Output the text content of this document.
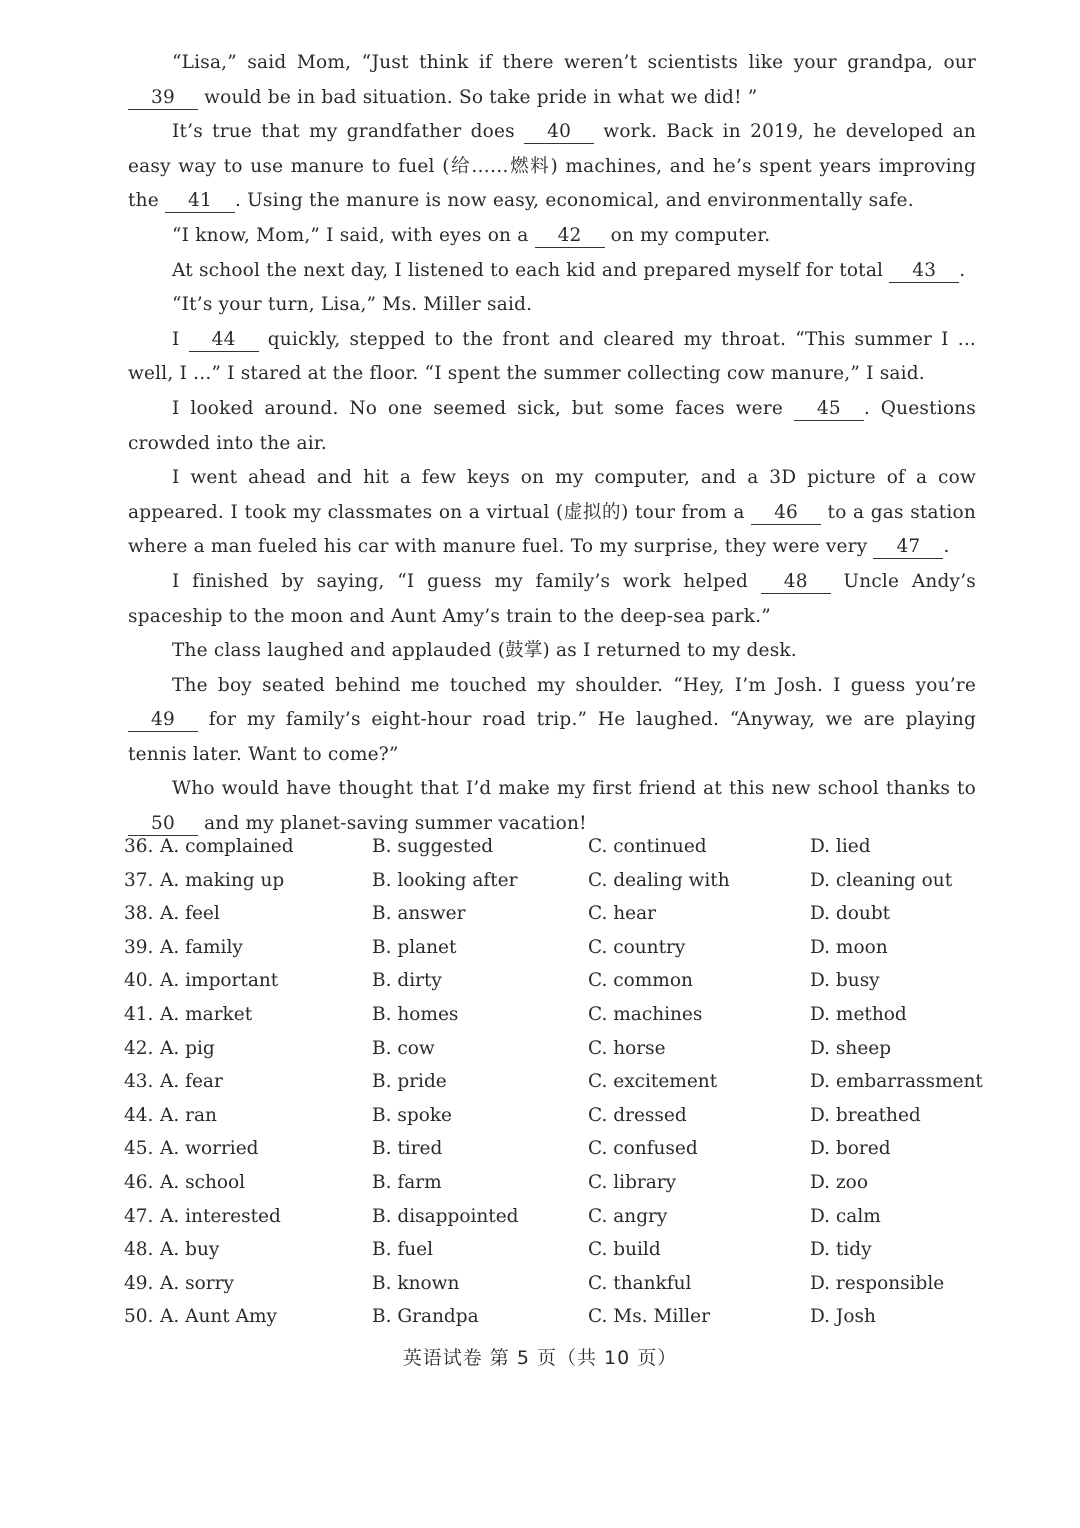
“Lisa,” said Mom, “Just think if there weren’t scientists like your grandpa, our 39 would be in bad situation. So take pride in what we did! ”

It’s true that my grandfather does 40 work. Back in 2019, he developed an easy way to use manure to fuel (给……燃料) machines, and he’s spent years improving the 41 . Using the manure is now easy, economical, and environmentally safe.

“I know, Mom,” I said, with eyes on a 42 on my computer.

At school the next day, I listened to each kid and prepared myself for total 43 .

“It’s your turn, Lisa,” Ms. Miller said.

I 44 quickly, stepped to the front and cleared my throat. “This summer I ... well, I ...” I stared at the floor. “I spent the summer collecting cow manure,” I said.

I looked around. No one seemed sick, but some faces were 45 . Questions crowded into the air.

I went ahead and hit a few keys on my computer, and a 3D picture of a cow appeared. I took my classmates on a virtual (虚拟的) tour from a 46 to a gas station where a man fueled his car with manure fuel. To my surprise, they were very 47 .

I finished by saying, “I guess my family’s work helped 48 Uncle Andy’s spaceship to the moon and Aunt Amy’s train to the deep-sea park.”

The class laughed and applauded (鼓掌) as I returned to my desk.

The boy seated behind me touched my shoulder. “Hey, I’m Josh. I guess you’re 49 for my family’s eight-hour road trip.” He laughed. “Anyway, we are playing tennis later. Want to come?”

Who would have thought that I’d make my first friend at this new school thanks to 50 and my planet-saving summer vacation!

36. A. complained	B. suggested	C. continued	D. lied
37. A. making up	B. looking after	C. dealing with	D. cleaning out
38. A. feel	B. answer	C. hear	D. doubt
39. A. family	B. planet	C. country	D. moon
40. A. important	B. dirty	C. common	D. busy
41. A. market	B. homes	C. machines	D. method
42. A. pig	B. cow	C. horse	D. sheep
43. A. fear	B. pride	C. excitement	D. embarrassment
44. A. ran	B. spoke	C. dressed	D. breathed
45. A. worried	B. tired	C. confused	D. bored
46. A. school	B. farm	C. library	D. zoo
47. A. interested	B. disappointed	C. angry	D. calm
48. A. buy	B. fuel	C. build	D. tidy
49. A. sorry	B. known	C. thankful	D. responsible
50. A. Aunt Amy	B. Grandpa	C. Ms. Miller	D. Josh
英语试卷 第 5 页（共 10 页）
